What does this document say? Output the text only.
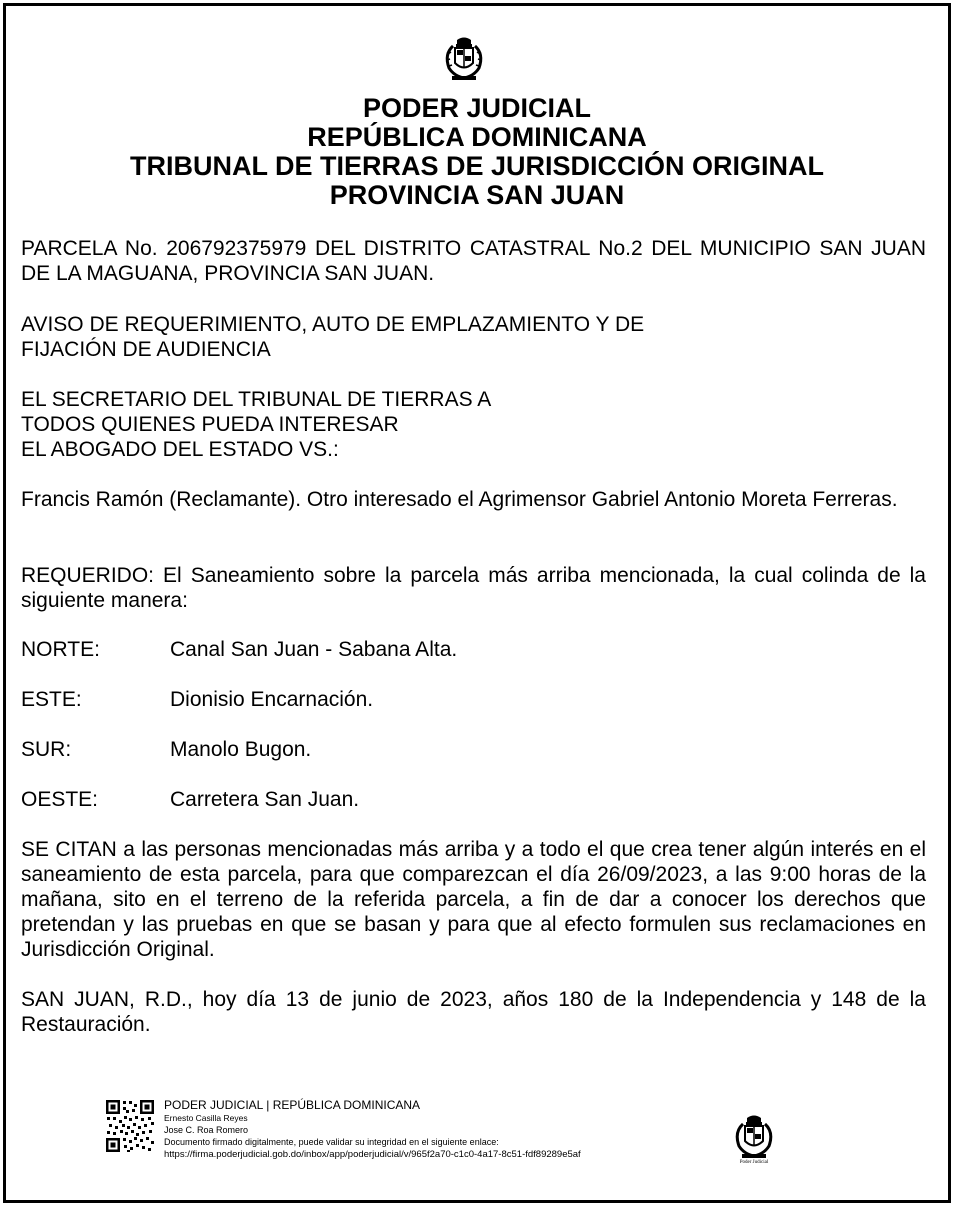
PODER JUDICIAL
REPÚBLICA DOMINICANA
TRIBUNAL DE TIERRAS DE JURISDICCIÓN ORIGINAL
PROVINCIA SAN JUAN
PARCELA No. 206792375979 DEL DISTRITO CATASTRAL No.2 DEL MUNICIPIO SAN JUAN DE LA MAGUANA, PROVINCIA SAN JUAN.
AVISO DE REQUERIMIENTO, AUTO DE EMPLAZAMIENTO Y DE
FIJACIÓN DE AUDIENCIA
EL SECRETARIO DEL TRIBUNAL DE TIERRAS A
TODOS QUIENES PUEDA INTERESAR
EL ABOGADO DEL ESTADO VS.:
Francis Ramón (Reclamante). Otro interesado el Agrimensor Gabriel Antonio Moreta Ferreras.
REQUERIDO: El Saneamiento sobre la parcela más arriba mencionada, la cual colinda de la siguiente manera:
NORTE:	Canal San Juan - Sabana Alta.
ESTE:	Dionisio Encarnación.
SUR:	Manolo Bugon.
OESTE:	Carretera San Juan.
SE CITAN a las personas mencionadas más arriba y a todo el que crea tener algún interés en el saneamiento de esta parcela, para que comparezcan el día 26/09/2023, a las 9:00 horas de la mañana, sito en el terreno de la referida parcela, a fin de dar a conocer los derechos que pretendan y las pruebas en que se basan y para que al efecto formulen sus reclamaciones en Jurisdicción Original.
SAN JUAN, R.D., hoy día 13 de junio de 2023, años 180 de la Independencia y 148 de la Restauración.
PODER JUDICIAL | REPÚBLICA DOMINICANA
Ernesto Casilla Reyes
Jose C. Roa Romero
Documento firmado digitalmente, puede validar su integridad en el siguiente enlace:
https://firma.poderjudicial.gob.do/inbox/app/poderjudicial/v/965f2a70-c1c0-4a17-8c51-fdf89289e5af
Poder Judicial
